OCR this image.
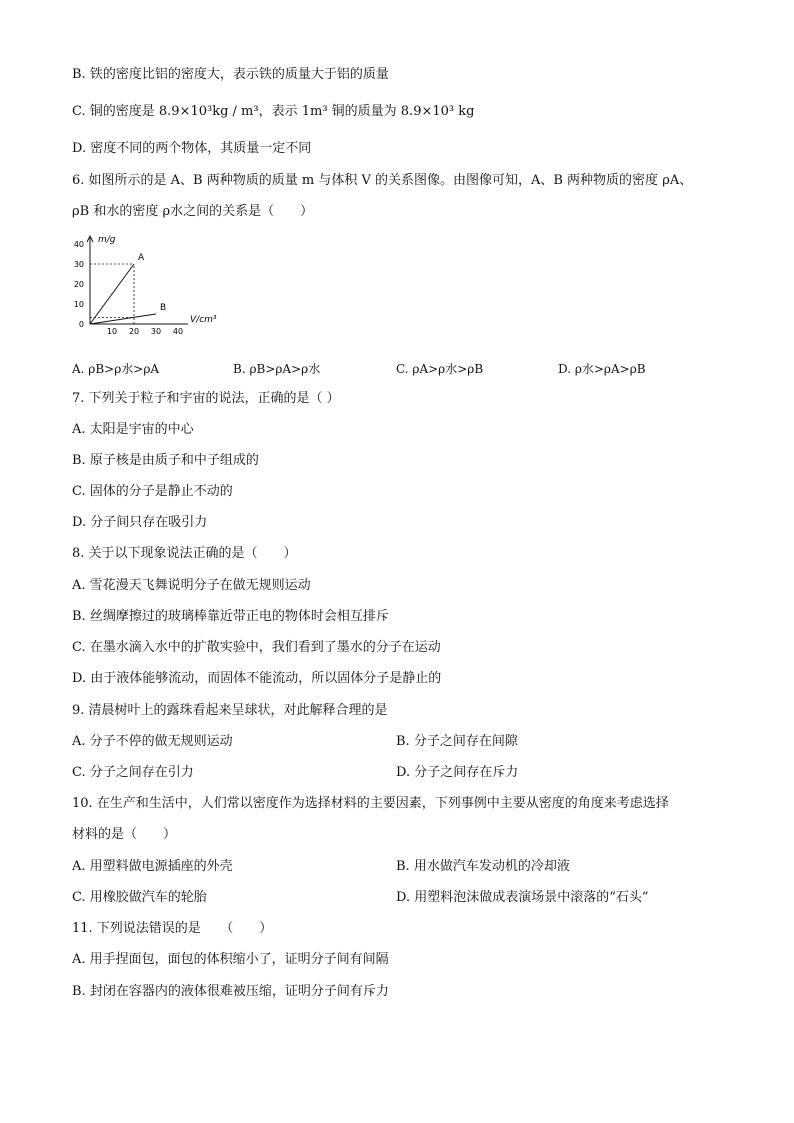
B. 铁的密度比铝的密度大，表示铁的质量大于铝的质量
C. 铜的密度是 8.9×10³kg / m³，表示 1m³ 铜的质量为 8.9×10³ kg
D. 密度不同的两个物体，其质量一定不同
6. 如图所示的是 A、B 两种物质的质量 m 与体积 V 的关系图像。由图像可知，A、B 两种物质的密度 ρA、
ρB 和水的密度 ρ水之间的关系是（　　）
m/g
V/cm³
0
10
20
30
40
10 20 30 40
A
B
A. ρB>ρ水>ρA	B. ρB>ρA>ρ水	C. ρA>ρ水>ρB	D. ρ水>ρA>ρB
7. 下列关于粒子和宇宙的说法，正确的是（ ）
A. 太阳是宇宙的中心
B. 原子核是由质子和中子组成的
C. 固体的分子是静止不动的
D. 分子间只存在吸引力
8. 关于以下现象说法正确的是（　　）
A. 雪花漫天飞舞说明分子在做无规则运动
B. 丝绸摩擦过的玻璃棒靠近带正电的物体时会相互排斥
C. 在墨水滴入水中的扩散实验中，我们看到了墨水的分子在运动
D. 由于液体能够流动，而固体不能流动，所以固体分子是静止的
9. 清晨树叶上的露珠看起来呈球状，对此解释合理的是
A. 分子不停的做无规则运动	B. 分子之间存在间隙
C. 分子之间存在引力	D. 分子之间存在斥力
10. 在生产和生活中，人们常以密度作为选择材料的主要因素，下列事例中主要从密度的角度来考虑选择
材料的是（　　）
A. 用塑料做电源插座的外壳	B. 用水做汽车发动机的冷却液
C. 用橡胶做汽车的轮胎	D. 用塑料泡沫做成表演场景中滚落的“石头”
11. 下列说法错误的是　　（　　）
A. 用手捏面包，面包的体积缩小了，证明分子间有间隔
B. 封闭在容器内的液体很难被压缩，证明分子间有斥力
